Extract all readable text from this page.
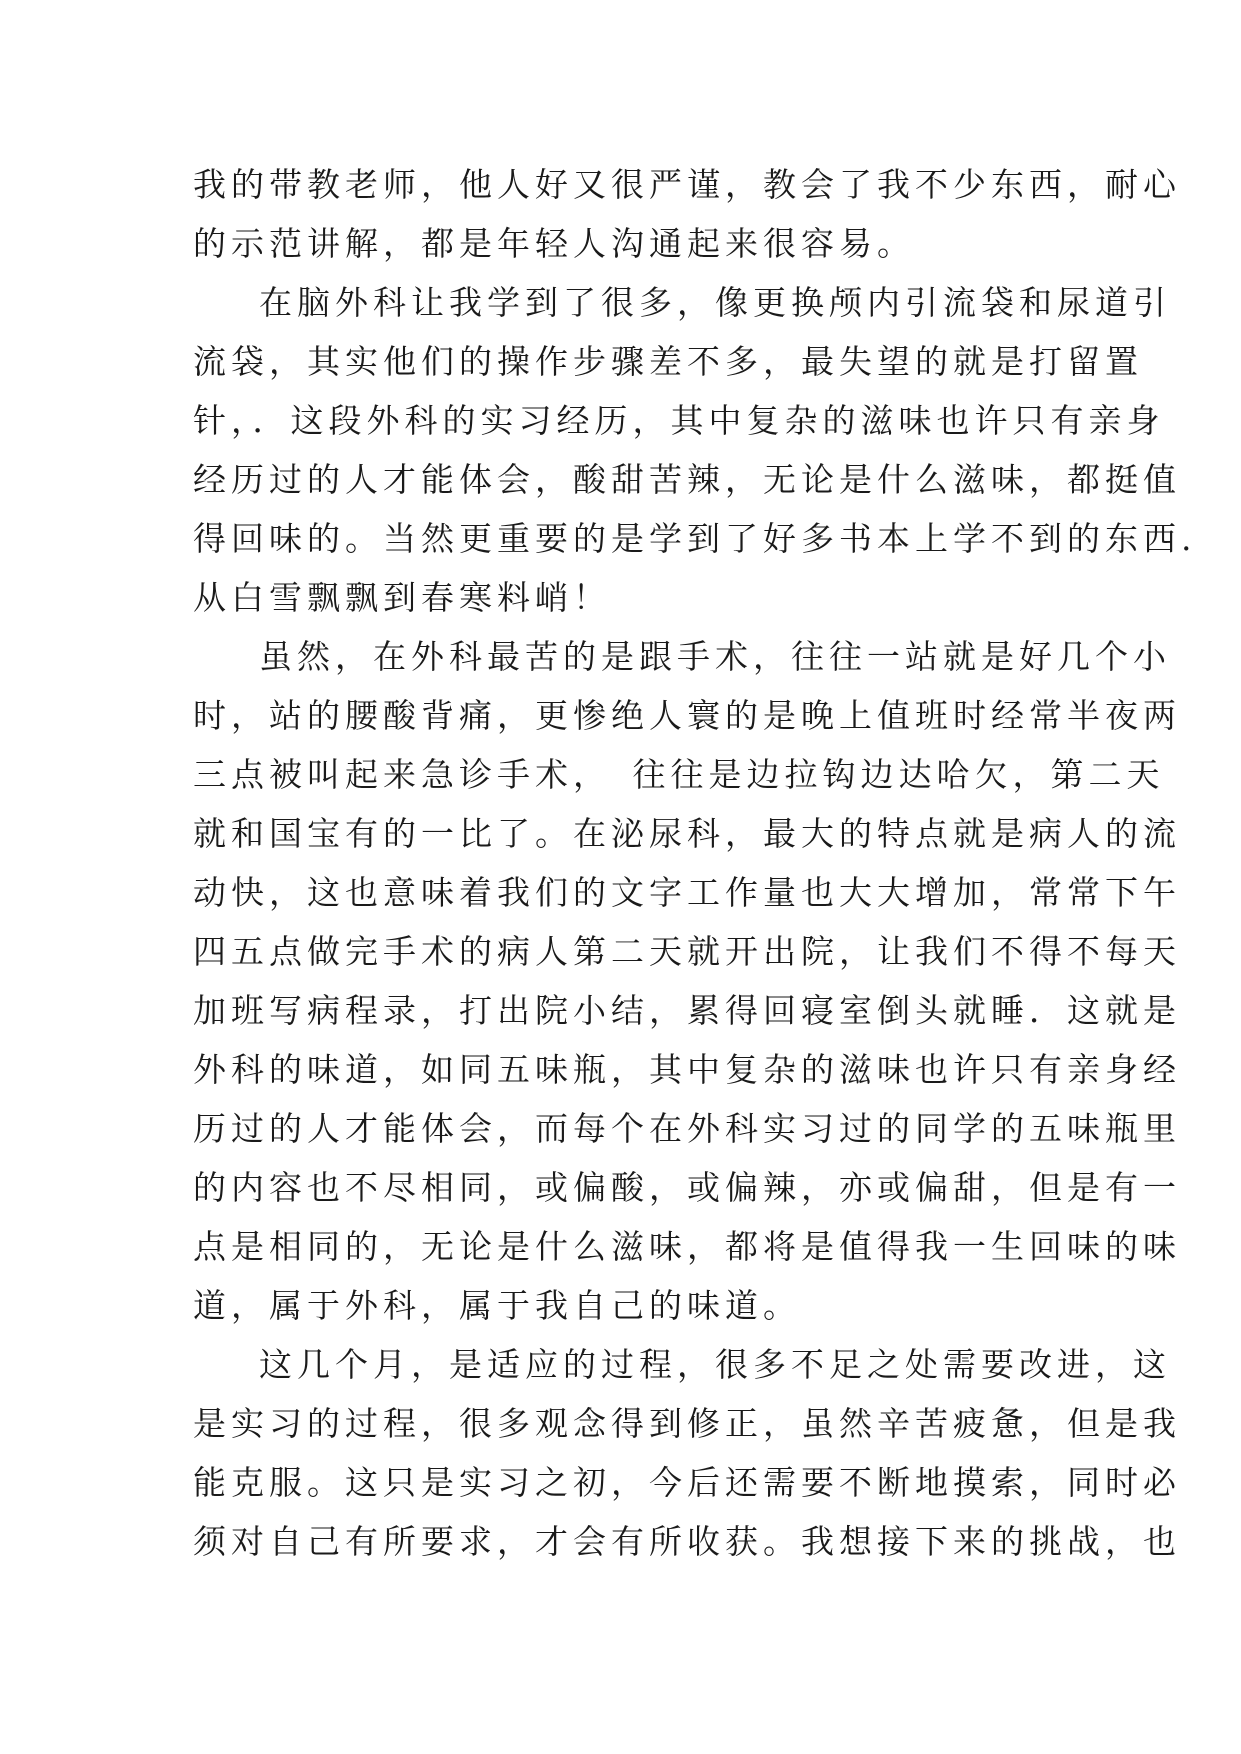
我的带教老师，他人好又很严谨，教会了我不少东西，耐心
的示范讲解，都是年轻人沟通起来很容易。
在脑外科让我学到了很多，像更换颅内引流袋和尿道引
流袋，其实他们的操作步骤差不多，最失望的就是打留置
针，．这段外科的实习经历，其中复杂的滋味也许只有亲身
经历过的人才能体会，酸甜苦辣，无论是什么滋味，都挺值
得回味的。当然更重要的是学到了好多书本上学不到的东西.
从白雪飘飘到春寒料峭！
虽然，在外科最苦的是跟手术，往往一站就是好几个小
时，站的腰酸背痛，更惨绝人寰的是晚上值班时经常半夜两
三点被叫起来急诊手术，　往往是边拉钩边达哈欠，第二天
就和国宝有的一比了。在泌尿科，最大的特点就是病人的流
动快，这也意味着我们的文字工作量也大大增加，常常下午
四五点做完手术的病人第二天就开出院，让我们不得不每天
加班写病程录，打出院小结，累得回寝室倒头就睡．这就是
外科的味道，如同五味瓶，其中复杂的滋味也许只有亲身经
历过的人才能体会，而每个在外科实习过的同学的五味瓶里
的内容也不尽相同，或偏酸，或偏辣，亦或偏甜，但是有一
点是相同的，无论是什么滋味，都将是值得我一生回味的味
道，属于外科，属于我自己的味道。
这几个月，是适应的过程，很多不足之处需要改进，这
是实习的过程，很多观念得到修正，虽然辛苦疲惫，但是我
能克服。这只是实习之初，今后还需要不断地摸索，同时必
须对自己有所要求，才会有所收获。我想接下来的挑战，也
